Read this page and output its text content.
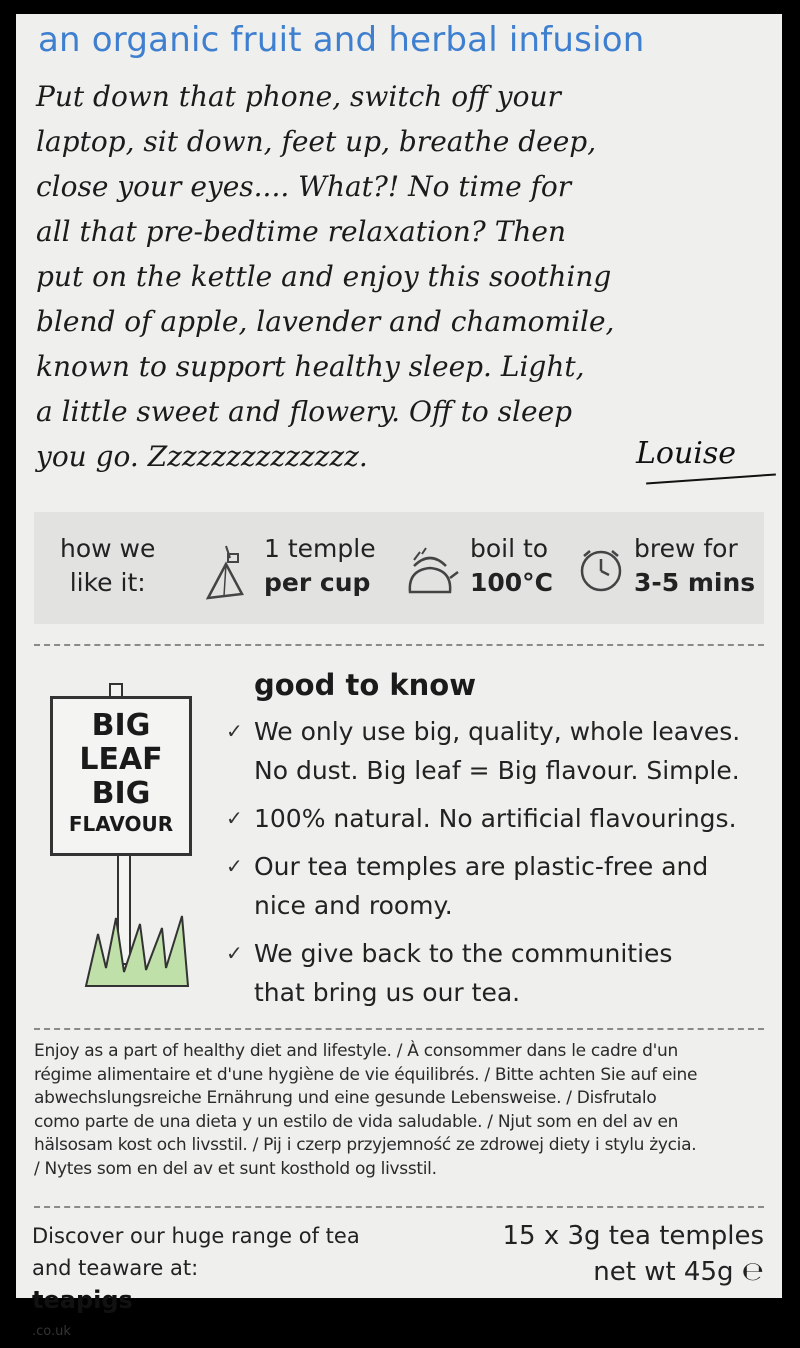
an organic fruit and herbal infusion
Put down that phone, switch off your
laptop, sit down, feet up, breathe deep,
close your eyes.... What?! No time for
all that pre-bedtime relaxation? Then
put on the kettle and enjoy this soothing
blend of apple, lavender and chamomile,
known to support healthy sleep. Light,
a little sweet and flowery. Off to sleep
you go. Zzzzzzzzzzzzzz.	Louise
how we
like it:
1 temple
per cup
boil to
100°C
brew for
3-5 mins
BIG
LEAF
BIG
FLAVOUR
good to know
✓ We only use big, quality, whole leaves.
No dust. Big leaf = Big flavour. Simple.
✓ 100% natural. No artificial flavourings.
✓ Our tea temples are plastic-free and
nice and roomy.
✓ We give back to the communities
that bring us our tea.
Enjoy as a part of healthy diet and lifestyle. / À consommer dans le cadre d'un
régime alimentaire et d'une hygiène de vie équilibrés. / Bitte achten Sie auf eine
abwechslungsreiche Ernährung und eine gesunde Lebensweise. / Disfrutalo
como parte de una dieta y un estilo de vida saludable. / Njut som en del av en
hälsosam kost och livsstil. / Pij i czerp przyjemność ze zdrowej diety i stylu życia.
/ Nytes som en del av et sunt kosthold og livsstil.
Discover our huge range of tea
and teaware at:
teapigs
.co.uk
15 x 3g tea temples
net wt 45g ℮
